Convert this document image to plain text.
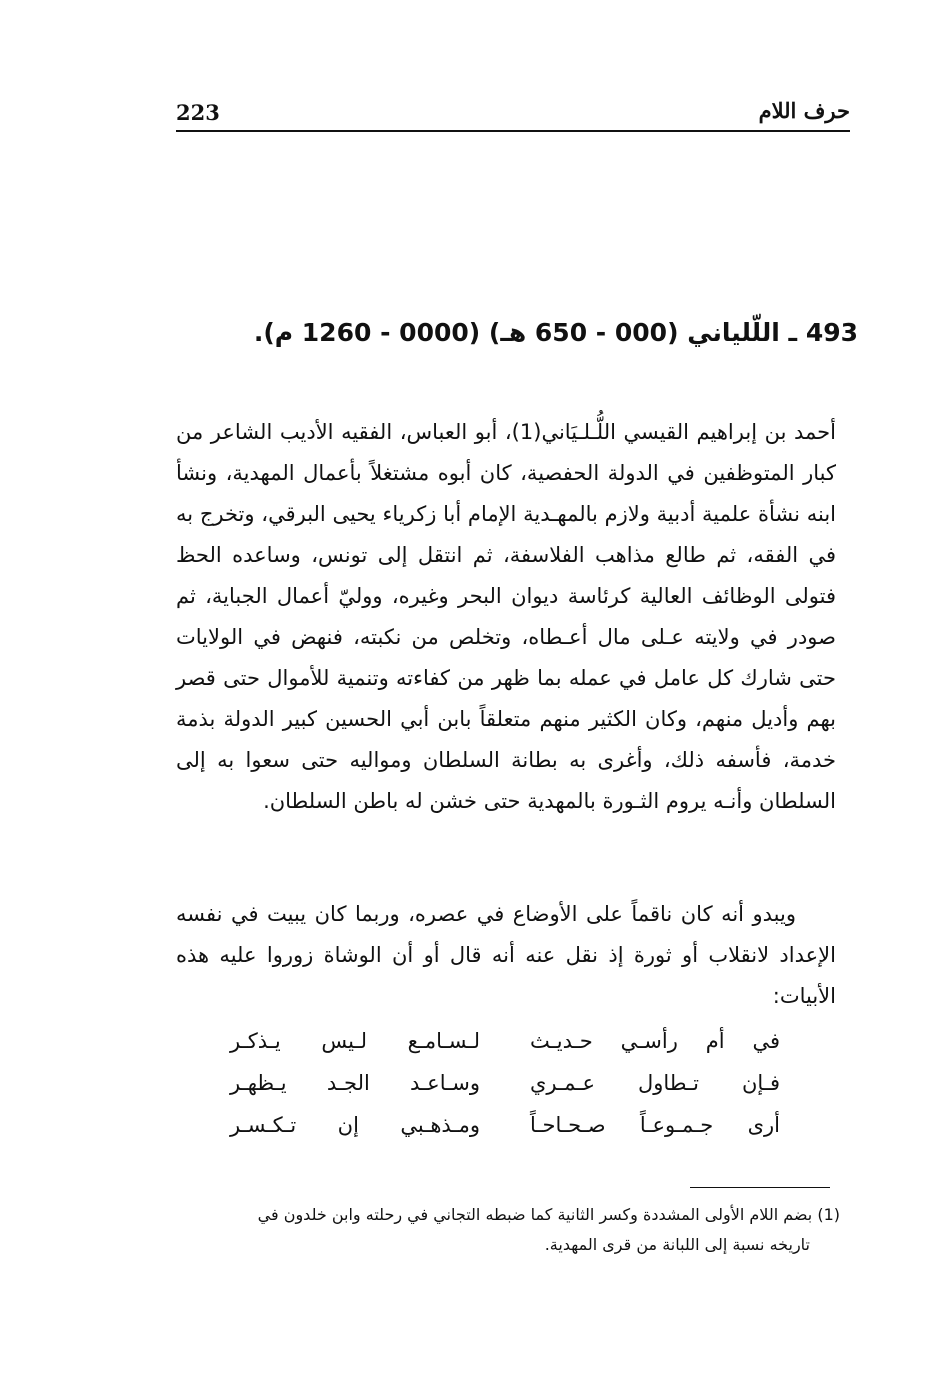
223	حرف اللام
493 ـ اللّلياني (000 - 650 هـ) (0000 - 1260 م).
أحمد بن إبراهيم القيسي اللُّـلـيَاني(1)، أبو العباس، الفقيه الأديب الشاعر من كبار المتوظفين في الدولة الحفصية، كان أبوه مشتغلاً بأعمال المهدية، ونشأ ابنه نشأة علمية أدبية ولازم بالمهـدية الإمام أبا زكرياء يحيى البرقي، وتخرج به في الفقه، ثم طالع مذاهب الفلاسفة، ثم انتقل إلى تونس، وساعده الحظ فتولى الوظائف العالية كرئاسة ديوان البحر وغيره، ووليّ أعمال الجباية، ثم صودر في ولايته عـلى مال أعـطاه، وتخلص من نكبته، فنهض في الولايات حتى شارك كل عامل في عمله بما ظهر من كفاءته وتنمية للأموال حتى قصر بهم وأديل منهم، وكان الكثير منهم متعلقاً بابن أبي الحسين كبير الدولة بذمة خدمة، فأسفه ذلك، وأغرى به بطانة السلطان ومواليه حتى سعوا به إلى السلطان وأنـه يروم الثـورة بالمهدية حتى خشن له باطن السلطان.
ويبدو أنه كان ناقماً على الأوضاع في عصره، وربما كان يبيت في نفسه الإعداد لانقلاب أو ثورة إذ نقل عنه أنه قال أو أن الوشاة زوروا عليه هذه الأبيات:
في أم رأسـي حـديـث
لـسـامـع لـيس يـذكـر
فـإن تـطاول عـمـري
وسـاعـد الجـد يـظهـر
أرى جـمـوعـاً صـحـاحـاً
ومـذهـبي إن تـكـسـر
(1) بضم اللام الأولى المشددة وكسر الثانية كما ضبطه التجاني في رحلته وابن خلدون في
تاريخه نسبة إلى اللبانة من قرى المهدية.
